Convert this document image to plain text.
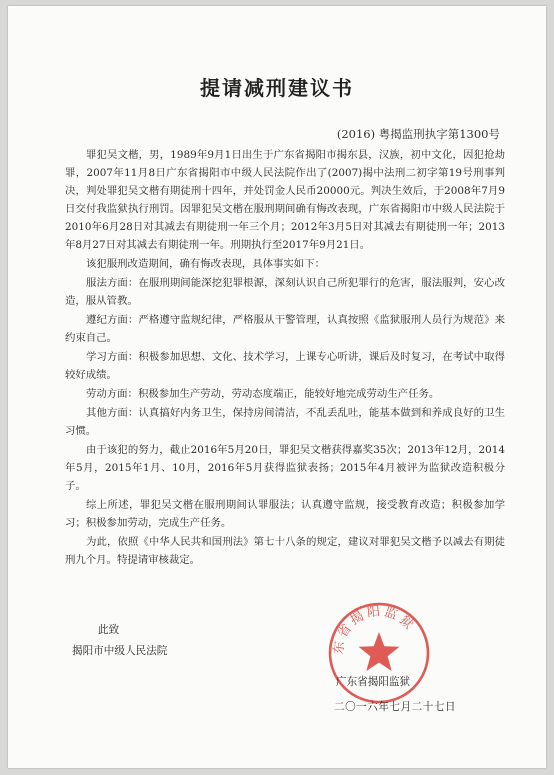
提请减刑建议书
(2016) 粤揭监刑执字第1300号

罪犯吴文楷，男，1989年9月1日出生于广东省揭阳市揭东县，汉族，初中文化，因犯抢劫罪，2007年11月8日广东省揭阳市中级人民法院作出了(2007)揭中法刑二初字第19号刑事判决，判处罪犯吴文楷有期徒刑十四年，并处罚金人民币20000元。判决生效后，于2008年7月9日交付我监狱执行刑罚。因罪犯吴文楷在服刑期间确有悔改表现，广东省揭阳市中级人民法院于2010年6月28日对其减去有期徒刑一年三个月；2012年3月5日对其减去有期徒刑一年；2013年8月27日对其减去有期徒刑一年。刑期执行至2017年9月21日。

该犯服刑改造期间，确有悔改表现，具体事实如下：

服法方面：在服刑期间能深挖犯罪根源，深刻认识自己所犯罪行的危害，服法服判，安心改造，服从管教。

遵纪方面：严格遵守监规纪律，严格服从干警管理，认真按照《监狱服刑人员行为规范》来约束自己。

学习方面：积极参加思想、文化、技术学习，上课专心听讲，课后及时复习，在考试中取得较好成绩。

劳动方面：积极参加生产劳动，劳动态度端正，能较好地完成劳动生产任务。

其他方面：认真搞好内务卫生，保持房间清洁，不乱丢乱吐，能基本做到和养成良好的卫生习惯。

由于该犯的努力，截止2016年5月20日，罪犯吴文楷获得嘉奖35次；2013年12月，2014年5月，2015年1月、10月，2016年5月获得监狱表扬；2015年4月被评为监狱改造积极分子。

综上所述，罪犯吴文楷在服刑期间认罪服法；认真遵守监规，接受教育改造；积极参加学习；积极参加劳动，完成生产任务。

为此，依照《中华人民共和国刑法》第七十八条的规定，建议对罪犯吴文楷予以减去有期徒刑九个月。特提请审核裁定。

此致
揭阳市中级人民法院	东省揭阳监狱
广东省揭阳监狱
二〇一六年七月二十七日
